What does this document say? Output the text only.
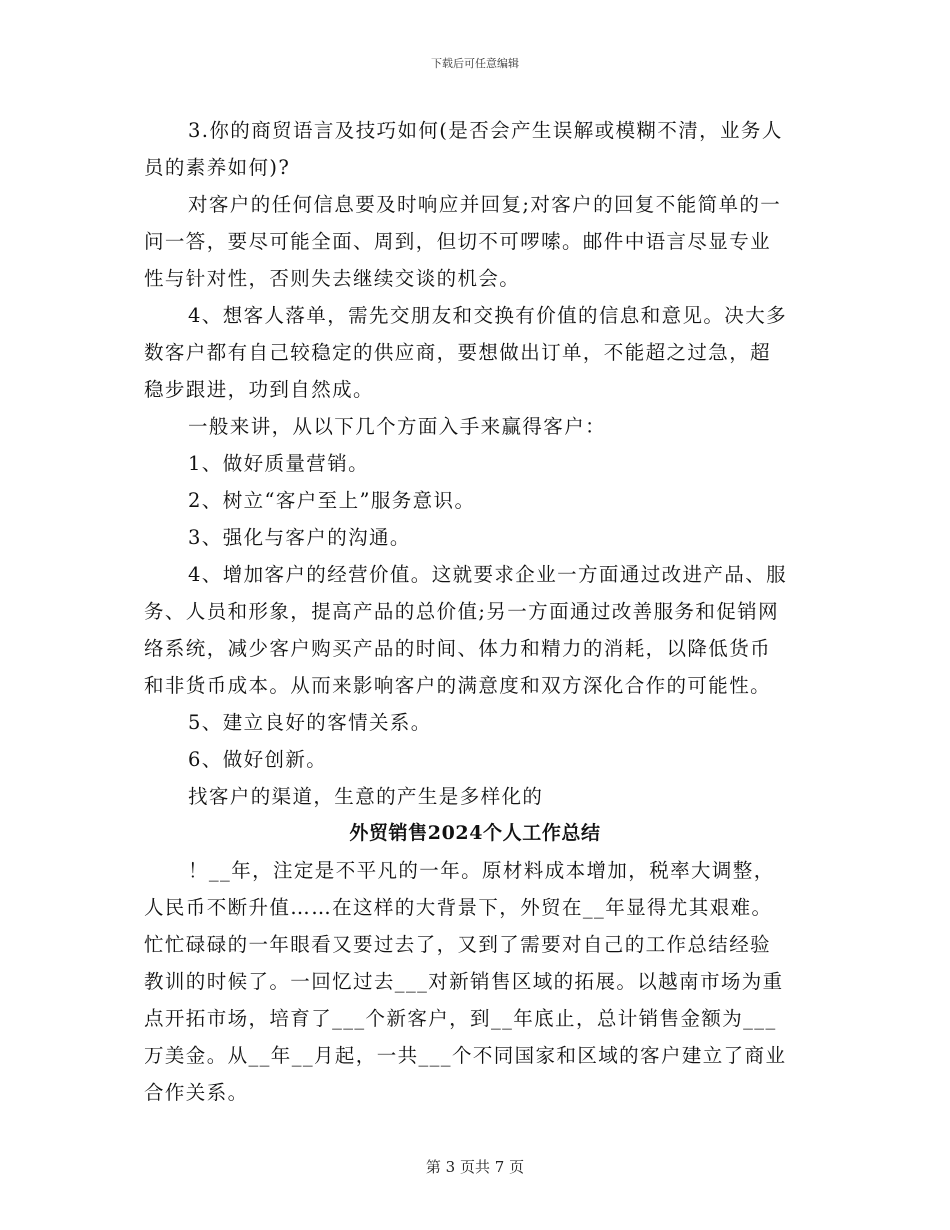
下载后可任意编辑

3.你的商贸语言及技巧如何(是否会产生误解或模糊不清，业务人

员的素养如何)?

对客户的任何信息要及时响应并回复;对客户的回复不能简单的一

问一答，要尽可能全面、周到，但切不可啰嗦。邮件中语言尽显专业

性与针对性，否则失去继续交谈的机会。

4、想客人落单，需先交朋友和交换有价值的信息和意见。决大多

数客户都有自己较稳定的供应商，要想做出订单，不能超之过急，超

稳步跟进，功到自然成。

一般来讲，从以下几个方面入手来赢得客户：

1、做好质量营销。

2、树立“客户至上”服务意识。

3、强化与客户的沟通。

4、增加客户的经营价值。这就要求企业一方面通过改进产品、服

务、人员和形象，提高产品的总价值;另一方面通过改善服务和促销网

络系统，减少客户购买产品的时间、体力和精力的消耗，以降低货币

和非货币成本。从而来影响客户的满意度和双方深化合作的可能性。

5、建立良好的客情关系。

6、做好创新。

找客户的渠道，生意的产生是多样化的

外贸销售2024个人工作总结

！__年，注定是不平凡的一年。原材料成本增加，税率大调整，

人民币不断升值……在这样的大背景下，外贸在__年显得尤其艰难。

忙忙碌碌的一年眼看又要过去了，又到了需要对自己的工作总结经验

教训的时候了。一回忆过去___对新销售区域的拓展。以越南市场为重

点开拓市场，培育了___个新客户，到__年底止，总计销售金额为___

万美金。从__年__月起，一共___个不同国家和区域的客户建立了商业

合作关系。

第 3 页共 7 页
